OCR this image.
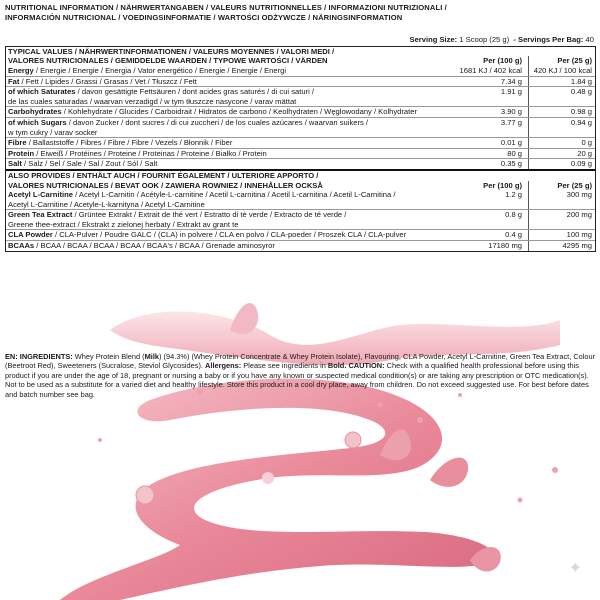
NUTRITIONAL INFORMATION / NÄHRWERTANGABEN / VALEURS NUTRITIONNELLES / INFORMAZIONI NUTRIZIONALI /
INFORMACIÓN NUTRICIONAL / VOEDINGSINFORMATIE / WARTOŚCI ODŻYWCZE / NÄRINGSINFORMATION
Serving Size: 1 Scoop (25 g) - Servings Per Bag: 40
TYPICAL VALUES / NÄHRWERTINFORMATIONEN / VALEURS MOYENNES / VALORI MEDI /
VALORES NUTRICIONALES / GEMIDDELDE WAARDEN / TYPOWE WARTOŚCI / VÄRDEN	Per (100 g)	Per (25 g)
Energy / Energie / Energie / Energia / Vator energético / Energie / Energie / Energi	1681 KJ / 402 kcal	420 KJ / 100 kcal
Fat / Fett / Lipides / Grassi / Grasas / Vet / Tłuszcz / Fett	7.34 g	1.84 g
of which Saturates / davon gesättigte Fettsäuren / dont acides gras saturés / di cui saturi /
de las cuales saturadas / waarvan verzadigd / w tym tłuszcze nasycone / varav mättat
1.91 g	0.48 g
Carbohydrates / Kohlehydrate / Glucides / Carboidrait / Hidratos de carbono / Keolhydraten / Węglowodany / Kolhydrater	3.90 g	0.98 g
of which Sugars / davon Zucker / dont sucres / di cui zuccheri / de los cuales azúcares / waarvan suikers /
w tym cukry / varav socker
3.77 g	0.94 g
Fibre / Ballaststoffe / Fibres / Fibre / Fibre / Vezels / Błonnik / Fiber	0.01 g	0 g
Protein / Eiweiß / Protéines / Proteine / Proteinas / Proteine / Białko / Protein	80 g	20 g
Salt / Salz / Sel / Sale / Sal / Zout / Sól / Salt	0.35 g	0.09 g
ALSO PROVIDES / ENTHÄLT AUCH / FOURNIT ÉGALEMENT / ULTERIORE APPORTO /
VALORES NUTRICIONALES / BEVAT OOK / ZAWIERA ROWNIEZ / INNEHÅLLER OCKSÅ	Per (100 g)	Per (25 g)
Acetyl L-Carnitine / Acetyl L-Carnitin / Acétyle-L-carnitine / Acetil L-carnitina / Acetil L-carnitina / Acetil L-Carnitina /
Acetyl L-Carnitine / Acetyle-L-karnityna / Acetyl L-Carnitine
1.2 g	300 mg
Green Tea Extract / Grüntee Extrakt / Extrait de thé vert / Estratto di tè verde / Extracto de té verde /
Greene thee-extract / Ekstrakt z zielonej herbaty / Extrakt av grant te
0.8 g	200 mg
CLA Powder / CLA-Pulver / Poudre GALC / (CLA) in polvere / CLA en polvo / CLA-poeder / Proszek CLA / CLA-pulver	0.4 g	100 mg
BCAAs / BCAA / BCAA / BCAA / BCAA / BCAA's / BCAA / Grenade aminosyror	17180 mg	4295 mg
EN: INGREDIENTS: Whey Protein Blend (Milk) (94.3%) (Whey Protein Concentrate & Whey Protein Isolate), Flavouring, CLA Powder, Acetyl L-Carnitine, Green Tea Extract, Colour (Beetroot Red), Sweeteners (Sucralose, Steviol Glycosides). Allergens: Please see ingredients in Bold. CAUTION: Check with a qualified health professional before using this product if you are under the age of 18, pregnant or nursing a baby or if you have any known or suspected medical condition(s) or are taking any prescription or OTC medication(s). Not to be used as a substitute for a varied diet and healthy lifestyle. Store this product in a cool dry place, away from children. Do not exceed suggested use. For best before dates and batch number see bag.
✦
